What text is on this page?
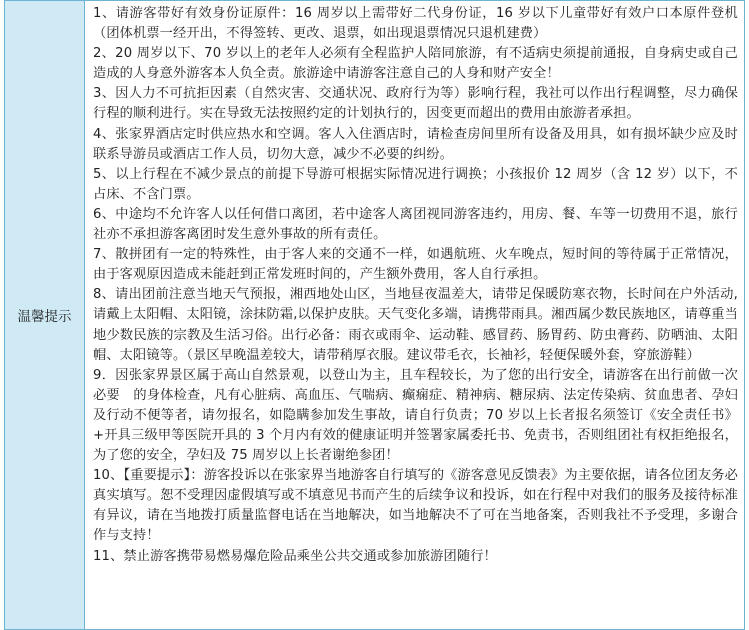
温馨提示

1、请游客带好有效身份证原件：16 周岁以上需带好二代身份证，16 岁以下儿童带好有效户口本原件登机（团体机票一经开出，不得签转、更改、退票，如出现退票情况只退机建费）

2、20 周岁以下、70 岁以上的老年人必须有全程监护人陪同旅游，有不适病史须提前通报，自身病史或自己造成的人身意外游客本人负全责。旅游途中请游客注意自己的人身和财产安全！

3、因人力不可抗拒因素（自然灾害、交通状况、政府行为等）影响行程，我社可以作出行程调整，尽力确保行程的顺利进行。实在导致无法按照约定的计划执行的，因变更而超出的费用由旅游者承担。

4、张家界酒店定时供应热水和空调。客人入住酒店时，请检查房间里所有设备及用具，如有损坏缺少应及时联系导游员或酒店工作人员，切勿大意，减少不必要的纠纷。

5、以上行程在不减少景点的前提下导游可根据实际情况进行调换；小孩报价 12 周岁（含 12 岁）以下，不占床、不含门票。

6、中途均不允许客人以任何借口离团，若中途客人离团视同游客违约，用房、餐、车等一切费用不退，旅行社亦不承担游客离团时发生意外事故的所有责任。

7、散拼团有一定的特殊性，由于客人来的交通不一样，如遇航班、火车晚点，短时间的等待属于正常情况，由于客观原因造成未能赶到正常发班时间的，产生额外费用，客人自行承担。

8、请出团前注意当地天气预报，湘西地处山区，当地昼夜温差大，请带足保暖防寒衣物，长时间在户外活动,请戴上太阳帽、太阳镜，涂抹防霜,以保护皮肤。天气变化多端，请携带雨具。湘西属少数民族地区，请尊重当地少数民族的宗教及生活习俗。出行必备：雨衣或雨伞、运动鞋、感冒药、肠胃药、防虫膏药、防晒油、太阳帽、太阳镜等。（景区早晚温差较大，请带稍厚衣服。建议带毛衣，长袖衫，轻便保暖外套，穿旅游鞋）

9．因张家界景区属于高山自然景观，以登山为主，且车程较长，为了您的出行安全，请游客在出行前做一次必要　的身体检查，凡有心脏病、高血压、气喘病、癫痫症、精神病、糖尿病、法定传染病、贫血患者、孕妇及行动不便等者，请勿报名，如隐瞒参加发生事故，请自行负责；70 岁以上长者报名须签订《安全责任书》+开具三级甲等医院开具的 3 个月内有效的健康证明并签署家属委托书、免责书，否则组团社有权拒绝报名，为了您的安全，孕妇及 75 周岁以上长者谢绝参团！

10、【重要提示】：游客投诉以在张家界当地游客自行填写的《游客意见反馈表》为主要依据，请各位团友务必真实填写。恕不受理因虚假填写或不填意见书而产生的后续争议和投诉，如在行程中对我们的服务及接待标准有异议，请在当地拨打质量监督电话在当地解决，如当地解决不了可在当地备案，否则我社不予受理，多谢合作与支持！

11、禁止游客携带易燃易爆危险品乘坐公共交通或参加旅游团随行！
